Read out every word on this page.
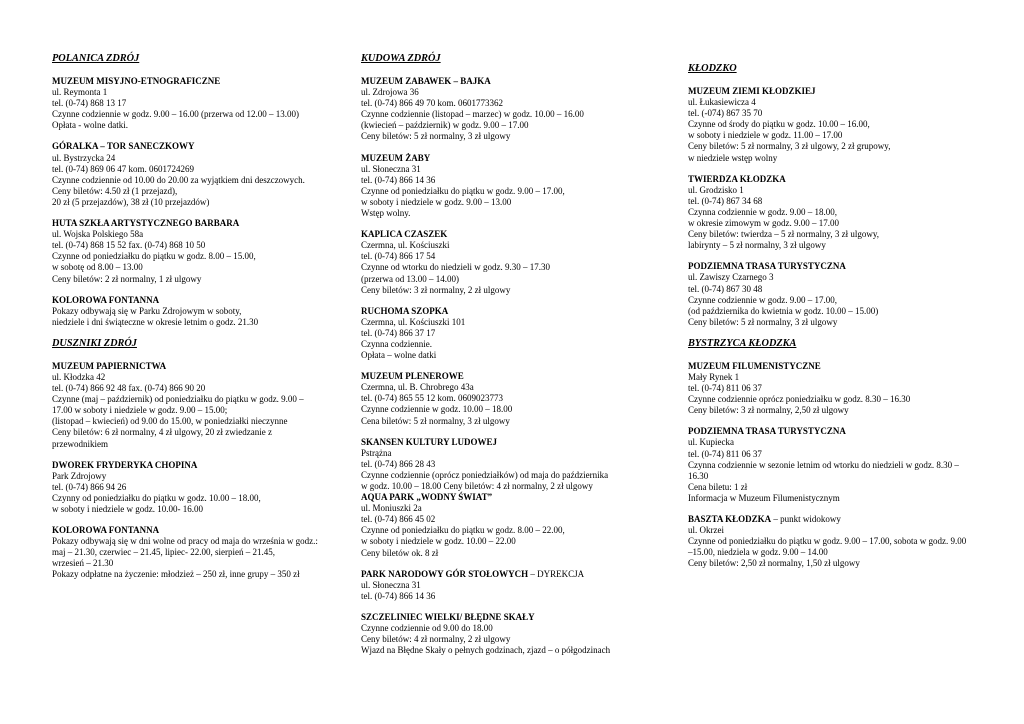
POLANICA ZDRÓJ
MUZEUM MISYJNO-ETNOGRAFICZNE
ul. Reymonta 1
tel. (0-74) 868 13 17
Czynne codziennie w godz. 9.00 – 16.00 (przerwa od 12.00 – 13.00)
Opłata - wolne datki.
GÓRALKA – TOR SANECZKOWY
ul. Bystrzycka 24
tel. (0-74) 869 06 47 kom. 0601724269
Czynne codziennie od 10.00 do 20.00 za wyjątkiem dni deszczowych.
Ceny biletów: 4.50 zł (1 przejazd),
20 zł (5 przejazdów), 38 zł (10 przejazdów)
HUTA SZKŁA ARTYSTYCZNEGO BARBARA
ul. Wojska Polskiego 58a
tel. (0-74) 868 15 52 fax. (0-74) 868 10 50
Czynne od poniedziałku do piątku w godz. 8.00 – 15.00,
w sobotę od 8.00 – 13.00
Ceny biletów: 2 zł normalny, 1 zł ulgowy
KOLOROWA FONTANNA
Pokazy odbywają się w Parku Zdrojowym w soboty,
niedziele i dni świąteczne w okresie letnim o godz. 21.30
DUSZNIKI ZDRÓJ
MUZEUM PAPIERNICTWA
ul. Kłodzka 42
tel. (0-74) 866 92 48 fax. (0-74) 866 90 20
Czynne (maj – październik) od poniedziałku do piątku w godz. 9.00 –
17.00 w soboty i niedziele w godz. 9.00 – 15.00;
(listopad – kwiecień) od 9.00 do 15.00, w poniedziałki nieczynne
Ceny biletów: 6 zł normalny, 4 zł ulgowy, 20 zł zwiedzanie z
przewodnikiem
DWOREK FRYDERYKA CHOPINA
Park Zdrojowy
tel. (0-74) 866 94 26
Czynny od poniedziałku do piątku w godz. 10.00 – 18.00,
w soboty i niedziele w godz. 10.00- 16.00
KOLOROWA FONTANNA
Pokazy odbywają się w dni wolne od pracy od maja do września w godz.:
maj – 21.30, czerwiec – 21.45, lipiec- 22.00, sierpień – 21.45,
wrzesień – 21.30
Pokazy odpłatne na życzenie: młodzież – 250 zł, inne grupy – 350 zł
KUDOWA ZDRÓJ
MUZEUM ZABAWEK – BAJKA
ul. Zdrojowa 36
tel. (0-74) 866 49 70 kom. 0601773362
Czynne codziennie (listopad – marzec) w godz. 10.00 – 16.00
(kwiecień – październik) w godz. 9.00 – 17.00
Ceny biletów: 5 zł normalny, 3 zł ulgowy
MUZEUM ŻABY
ul. Słoneczna 31
tel. (0-74) 866 14 36
Czynne od poniedziałku do piątku w godz. 9.00 – 17.00,
w soboty i niedziele w godz. 9.00 – 13.00
Wstęp wolny.
KAPLICA CZASZEK
Czermna, ul. Kościuszki
tel. (0-74) 866 17 54
Czynne od wtorku do niedzieli w godz. 9.30 – 17.30
(przerwa od 13.00 – 14.00)
Ceny biletów: 3 zł normalny, 2 zł ulgowy
RUCHOMA SZOPKA
Czermna, ul. Kościuszki 101
tel. (0-74) 866 37 17
Czynna codziennie.
Opłata – wolne datki
MUZEUM PLENEROWE
Czermna, ul. B. Chrobrego 43a
tel. (0-74) 865 55 12 kom. 0609023773
Czynne codziennie w godz. 10.00 – 18.00
Cena biletów: 5 zł normalny, 3 zł ulgowy
SKANSEN KULTURY LUDOWEJ
Pstrążna
tel. (0-74) 866 28 43
Czynne codziennie (oprócz poniedziałków) od maja do października
w godz. 10.00 – 18.00 Ceny biletów: 4 zł normalny, 2 zł ulgowy
AQUA PARK „WODNY ŚWIAT”
ul. Moniuszki 2a
tel. (0-74) 866 45 02
Czynne od poniedziałku do piątku w godz. 8.00 – 22.00,
w soboty i niedziele w godz. 10.00 – 22.00
Ceny biletów ok. 8 zł
PARK NARODOWY GÓR STOŁOWYCH – DYREKCJA
ul. Słoneczna 31
tel. (0-74) 866 14 36
SZCZELINIEC WIELKI/ BŁĘDNE SKAŁY
Czynne codziennie od 9.00 do 18.00
Ceny biletów: 4 zł normalny, 2 zł ulgowy
Wjazd na Błędne Skały o pełnych godzinach, zjazd – o półgodzinach
KŁODZKO
MUZEUM ZIEMI KŁODZKIEJ
ul. Łukasiewicza 4
tel. (-074) 867 35 70
Czynne od środy do piątku w godz. 10.00 – 16.00,
w soboty i niedziele w godz. 11.00 – 17.00
Ceny biletów: 5 zł normalny, 3 zł ulgowy, 2 zł grupowy,
w niedziele wstęp wolny
TWIERDZA KŁODZKA
ul. Grodzisko 1
tel. (0-74) 867 34 68
Czynna codziennie w godz. 9.00 – 18.00,
w okresie zimowym w godz. 9.00 – 17.00
Ceny biletów: twierdza – 5 zł normalny, 3 zł ulgowy,
labirynty – 5 zł normalny, 3 zł ulgowy
PODZIEMNA TRASA TURYSTYCZNA
ul. Zawiszy Czarnego 3
tel. (0-74) 867 30 48
Czynne codziennie w godz. 9.00 – 17.00,
(od października do kwietnia w godz. 10.00 – 15.00)
Ceny biletów: 5 zł normalny, 3 zł ulgowy
BYSTRZYCA KŁODZKA
MUZEUM FILUMENISTYCZNE
Mały Rynek 1
tel. (0-74) 811 06 37
Czynne codziennie oprócz poniedziałku w godz. 8.30 – 16.30
Ceny biletów: 3 zł normalny, 2,50 zł ulgowy
PODZIEMNA TRASA TURYSTYCZNA
ul. Kupiecka
tel. (0-74) 811 06 37
Czynna codziennie w sezonie letnim od wtorku do niedzieli w godz. 8.30 –
16.30
Cena biletu: 1 zł
Informacja w Muzeum Filumenistycznym
BASZTA KŁODZKA – punkt widokowy
ul. Okrzei
Czynne od poniedziałku do piątku w godz. 9.00 – 17.00, sobota w godz. 9.00
–15.00, niedziela w godz. 9.00 – 14.00
Ceny biletów: 2,50 zł normalny, 1,50 zł ulgowy
